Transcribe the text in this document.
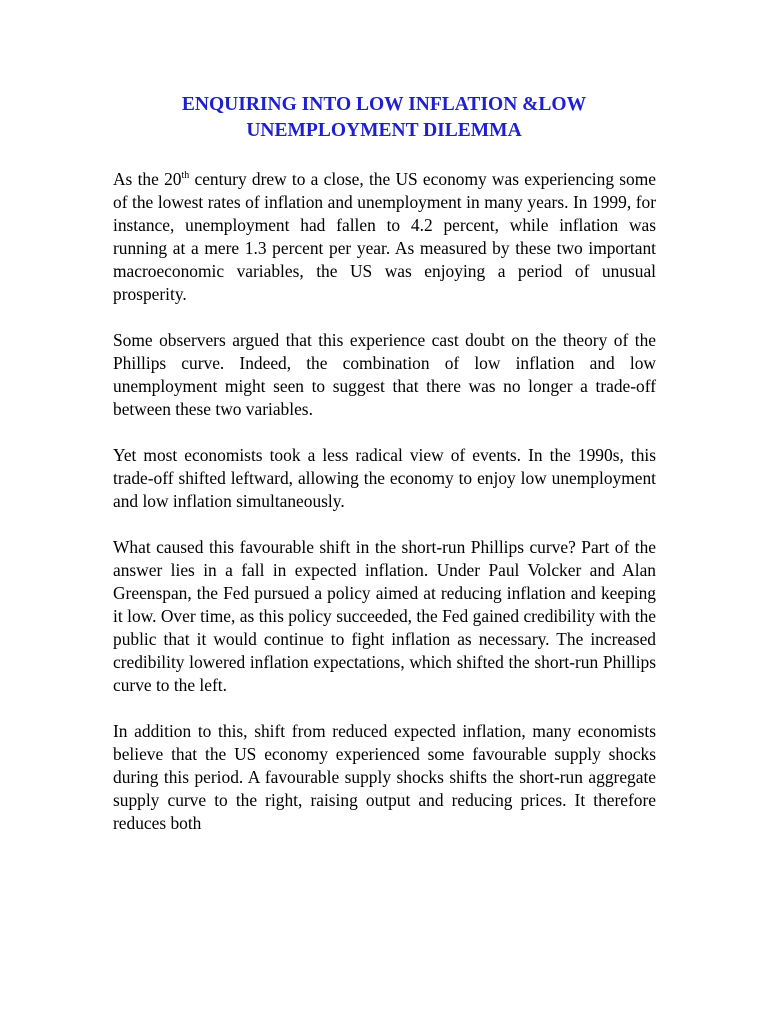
ENQUIRING INTO LOW INFLATION &LOW
UNEMPLOYMENT DILEMMA

As the 20th century drew to a close, the US economy was experiencing some of the lowest rates of inflation and unemployment in many years. In 1999, for instance, unemployment had fallen to 4.2 percent, while inflation was running at a mere 1.3 percent per year. As measured by these two important macroeconomic variables, the US was enjoying a period of unusual prosperity.

Some observers argued that this experience cast doubt on the theory of the Phillips curve. Indeed, the combination of low inflation and low unemployment might seen to suggest that there was no longer a trade-off between these two variables.

Yet most economists took a less radical view of events. In the 1990s, this trade-off shifted leftward, allowing the economy to enjoy low unemployment and low inflation simultaneously.

What caused this favourable shift in the short-run Phillips curve? Part of the answer lies in a fall in expected inflation. Under Paul Volcker and Alan Greenspan, the Fed pursued a policy aimed at reducing inflation and keeping it low. Over time, as this policy succeeded, the Fed gained credibility with the public that it would continue to fight inflation as necessary. The increased credibility lowered inflation expectations, which shifted the short-run Phillips curve to the left.

In addition to this, shift from reduced expected inflation, many economists believe that the US economy experienced some favourable supply shocks during this period. A favourable supply shocks shifts the short-run aggregate supply curve to the right, raising output and reducing prices. It therefore reduces both
